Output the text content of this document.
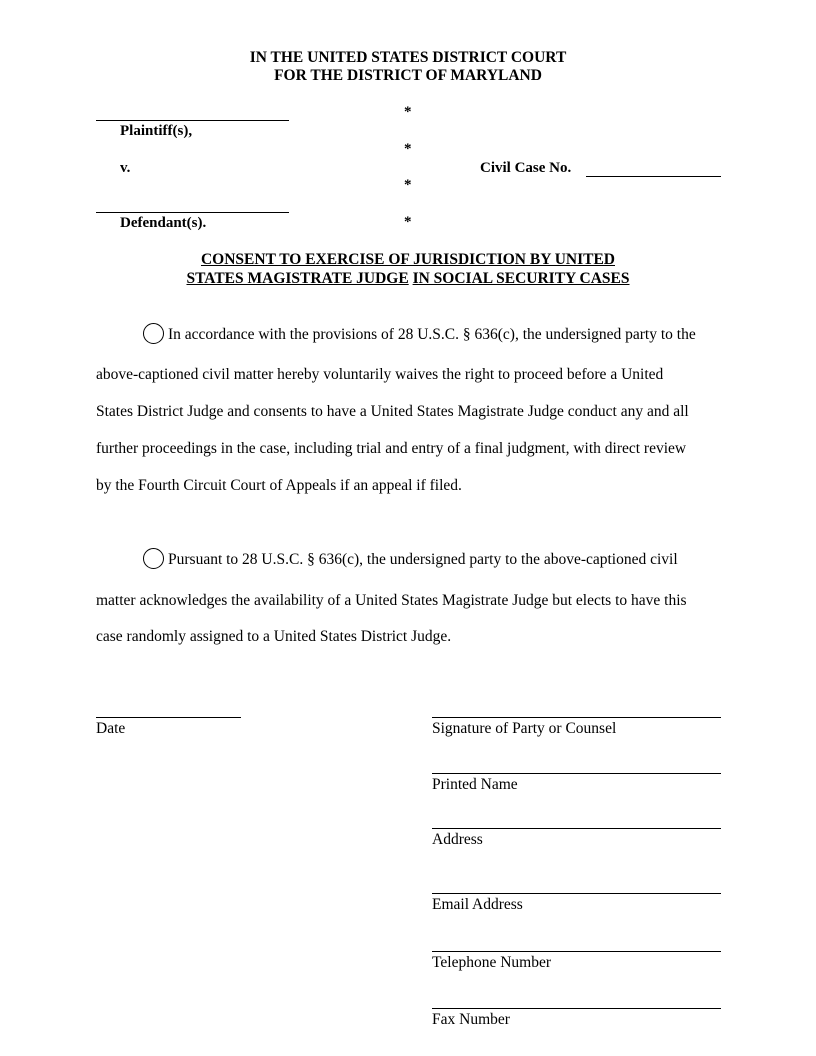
IN THE UNITED STATES DISTRICT COURT
FOR THE DISTRICT OF MARYLAND
Plaintiff(s),
v.
Defendant(s).
*
*
*
*
Civil Case No.
CONSENT TO EXERCISE OF JURISDICTION BY UNITED
STATES MAGISTRATE JUDGE IN SOCIAL SECURITY CASES
In accordance with the provisions of 28 U.S.C. § 636(c), the undersigned party to the
above-captioned civil matter hereby voluntarily waives the right to proceed before a United
States District Judge and consents to have a United States Magistrate Judge conduct any and all
further proceedings in the case, including trial and entry of a final judgment, with direct review
by the Fourth Circuit Court of Appeals if an appeal if filed.
Pursuant to 28 U.S.C. § 636(c), the undersigned party to the above-captioned civil
matter acknowledges the availability of a United States Magistrate Judge but elects to have this
case randomly assigned to a United States District Judge.
Date	Signature of Party or Counsel
Printed Name
Address
Email Address
Telephone Number
Fax Number
